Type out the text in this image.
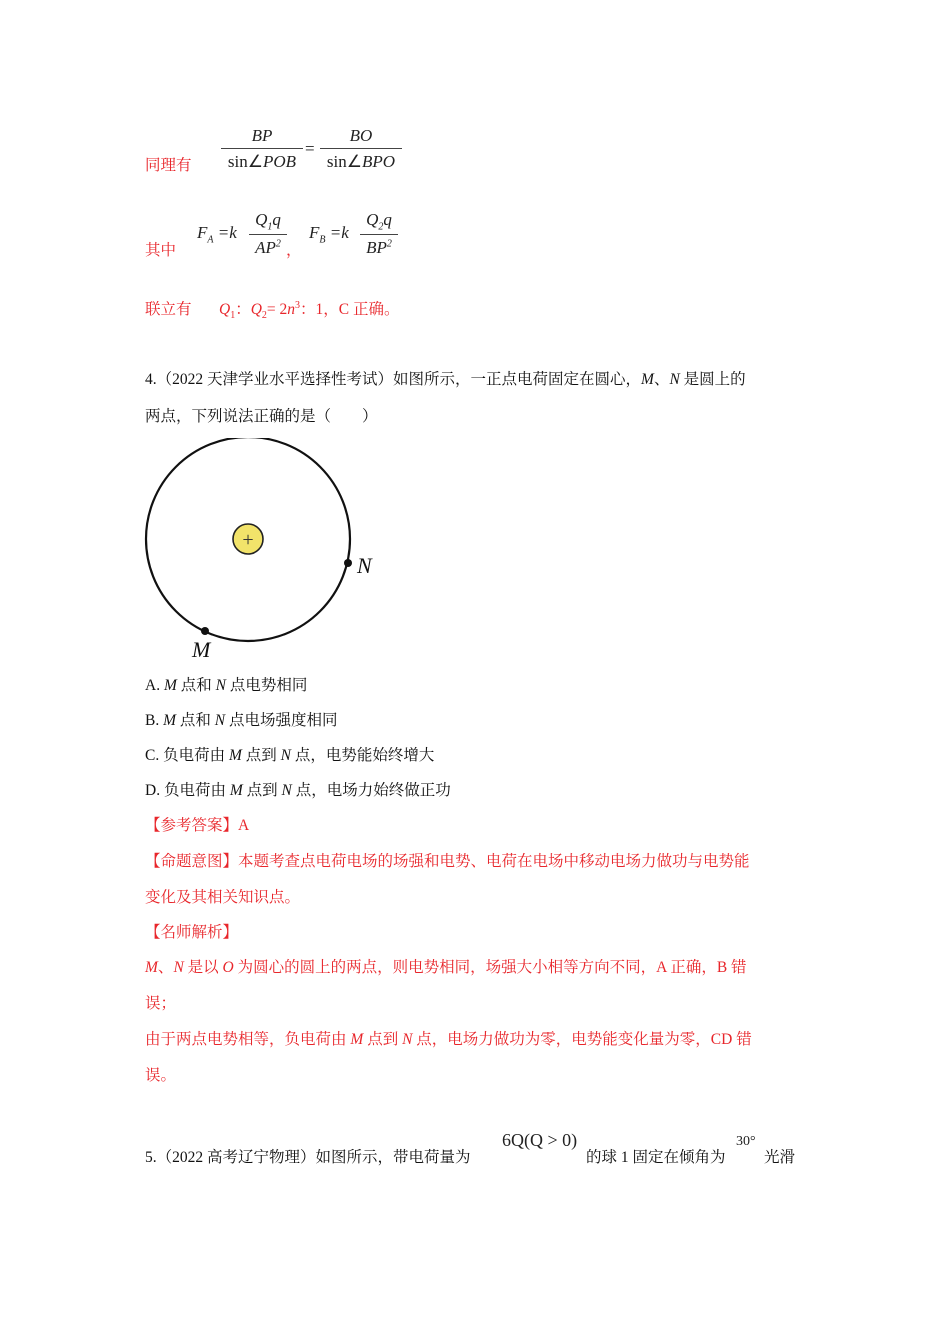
同理有
BP
sin∠POB
=
BO
sin∠BPO
其中
$F_A =k$
$Q_1q$
$AP^2$ ，
$F_B =k$
$Q_2q$
$BP^2$
联立有 $Q_1$：$Q_2= 2n^3$：1，C 正确。
4.（2022 天津学业水平选择性考试）如图所示，一正点电荷固定在圆心，M、N 是圆上的
两点，下列说法正确的是（　　）
+
N
M
A. M 点和 N 点电势相同
B. M 点和 N 点电场强度相同
C. 负电荷由 M 点到 N 点，电势能始终增大
D. 负电荷由 M 点到 N 点，电场力始终做正功
【参考答案】A
【命题意图】本题考查点电荷电场的场强和电势、电荷在电场中移动电场力做功与电势能
变化及其相关知识点。
【名师解析】
M、N 是以 O 为圆心的圆上的两点，则电势相同，场强大小相等方向不同，A 正确，B 错
误；
由于两点电势相等，负电荷由 M 点到 N 点，电场力做功为零，电势能变化量为零，CD 错
误。
5.（2022 高考辽宁物理）如图所示，带电荷量为
6Q(Q > 0)
的球 1 固定在倾角为
30°
光滑
